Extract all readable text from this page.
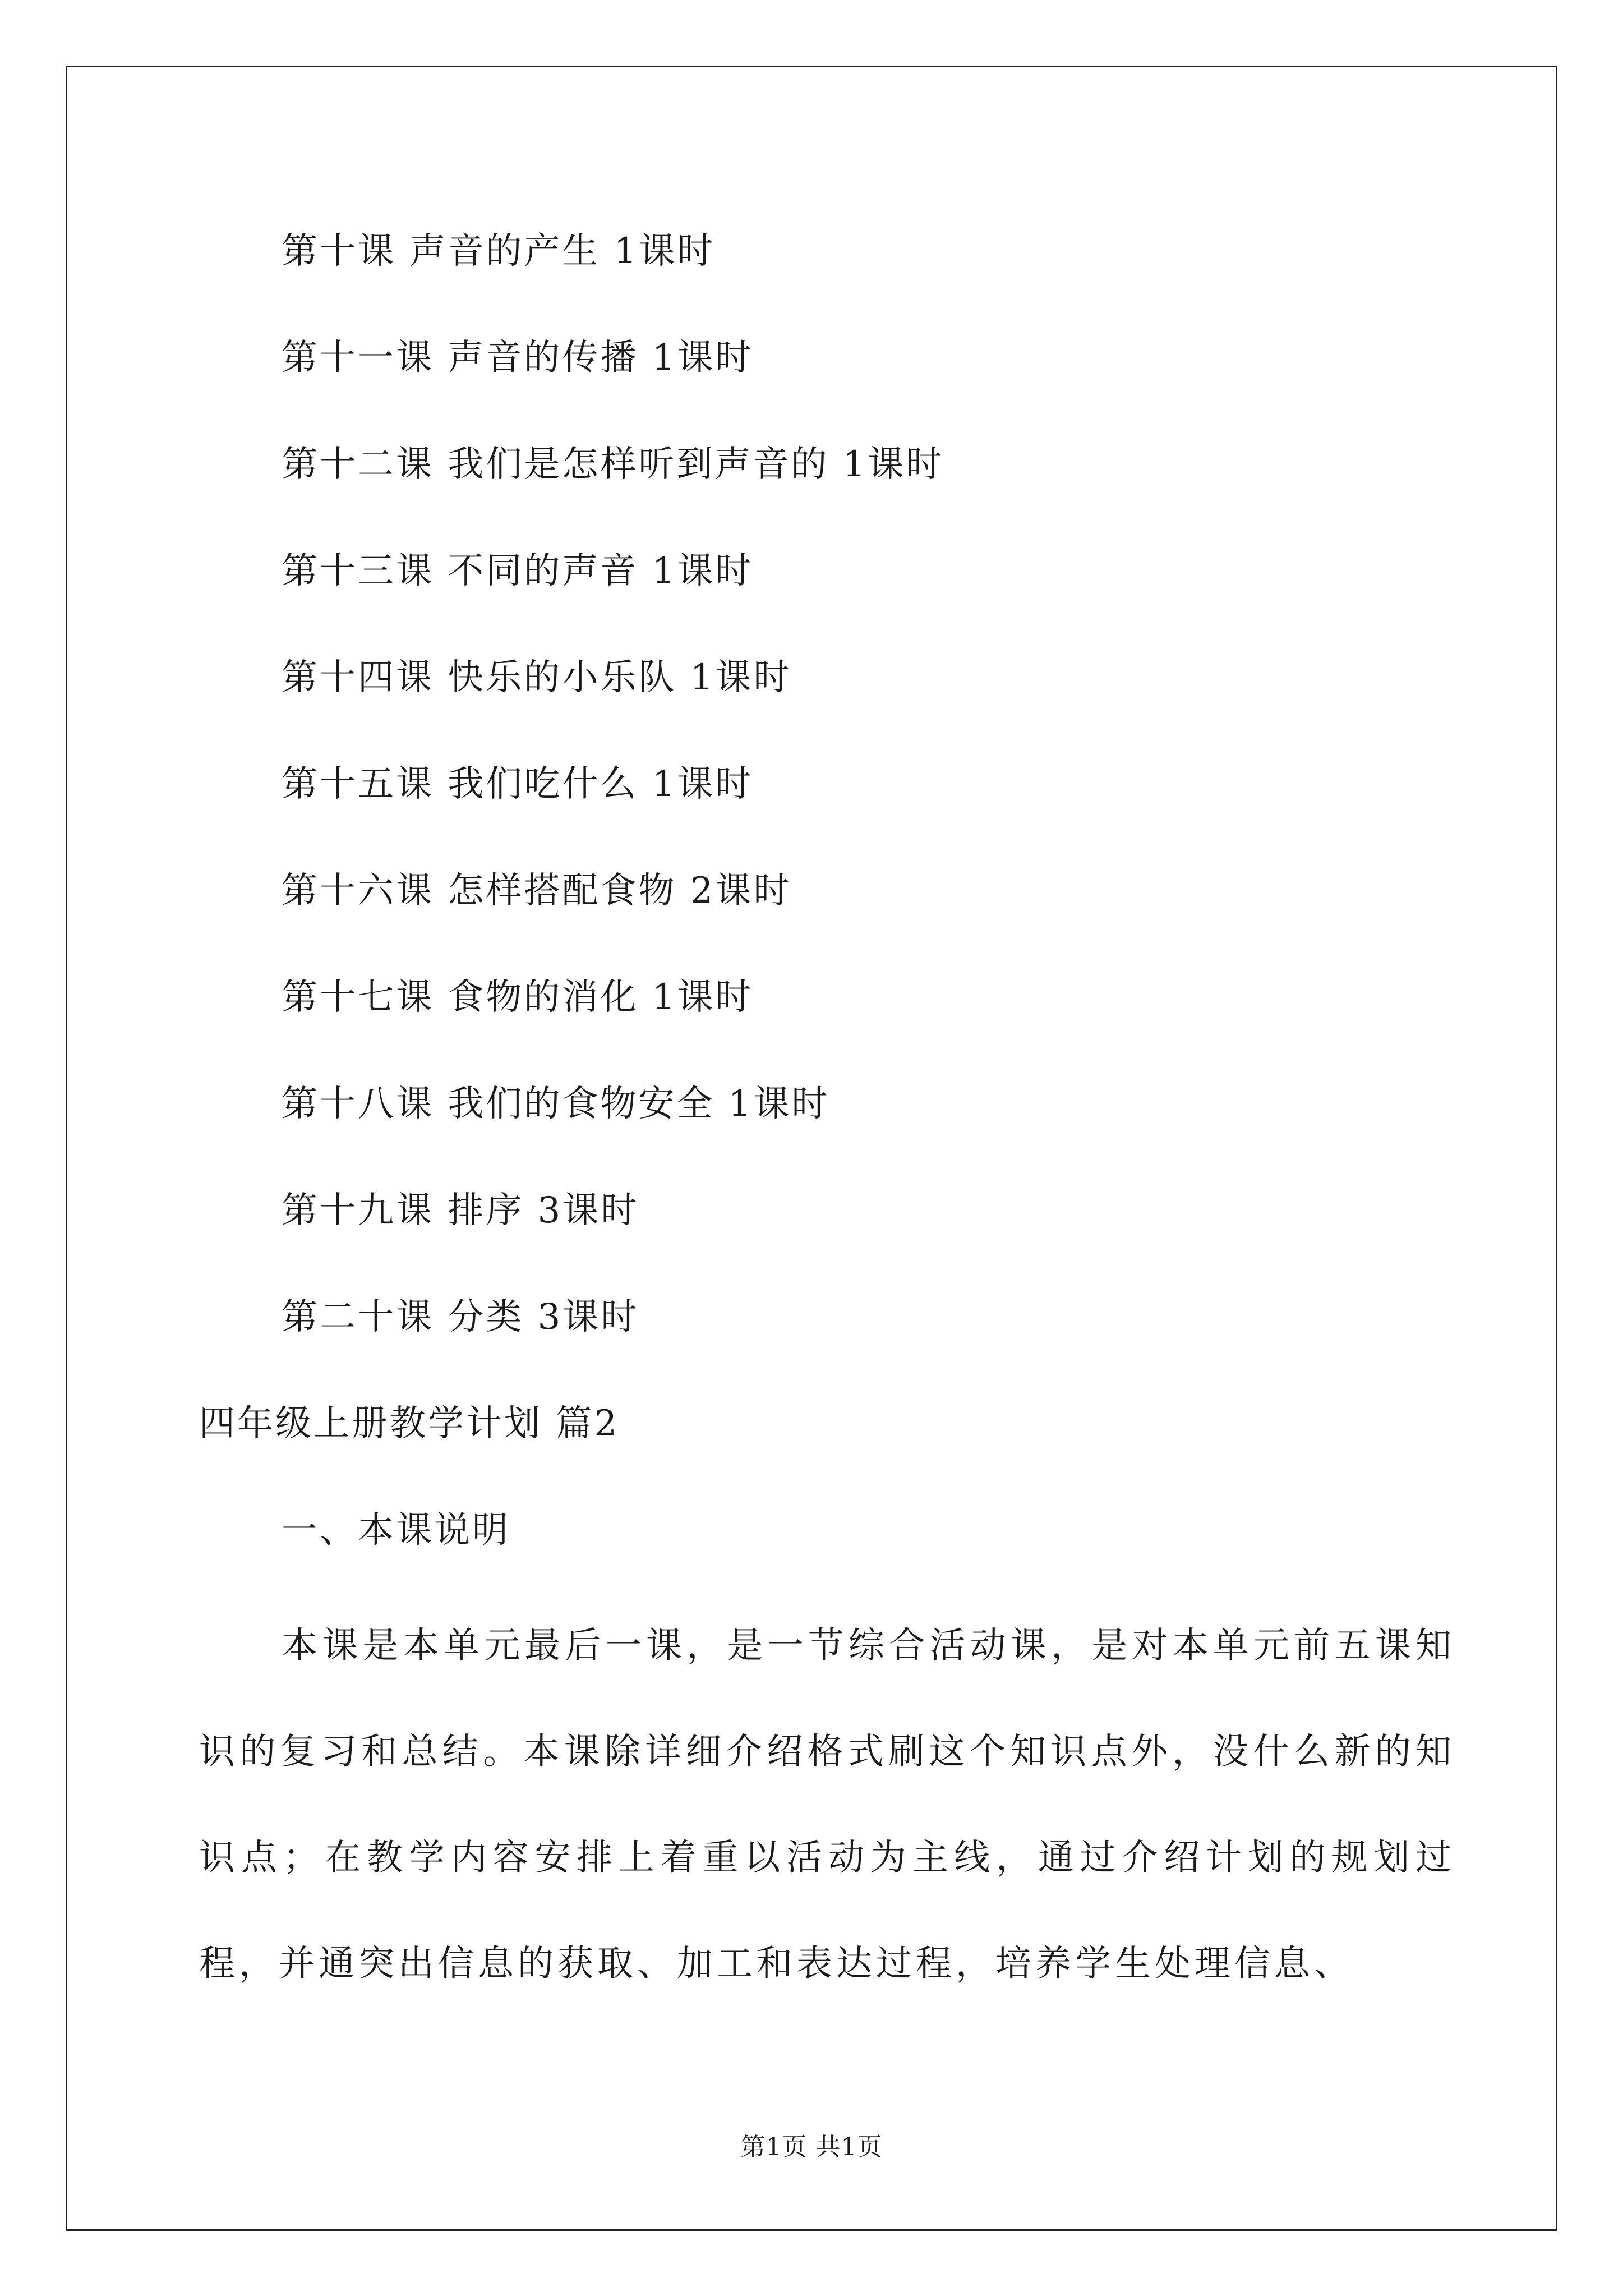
第十课 声音的产生 1课时
第十一课 声音的传播 1课时
第十二课 我们是怎样听到声音的 1课时
第十三课 不同的声音 1课时
第十四课 快乐的小乐队 1课时
第十五课 我们吃什么 1课时
第十六课 怎样搭配食物 2课时
第十七课 食物的消化 1课时
第十八课 我们的食物安全 1课时
第十九课 排序 3课时
第二十课 分类 3课时
四年级上册教学计划 篇2
一、本课说明
本课是本单元最后一课，是一节综合活动课，是对本单元前五课知识的复习和总结。本课除详细介绍格式刷这个知识点外，没什么新的知识点；在教学内容安排上着重以活动为主线，通过介绍计划的规划过程，并通突出信息的获取、加工和表达过程，培养学生处理信息、
第1页 共1页
